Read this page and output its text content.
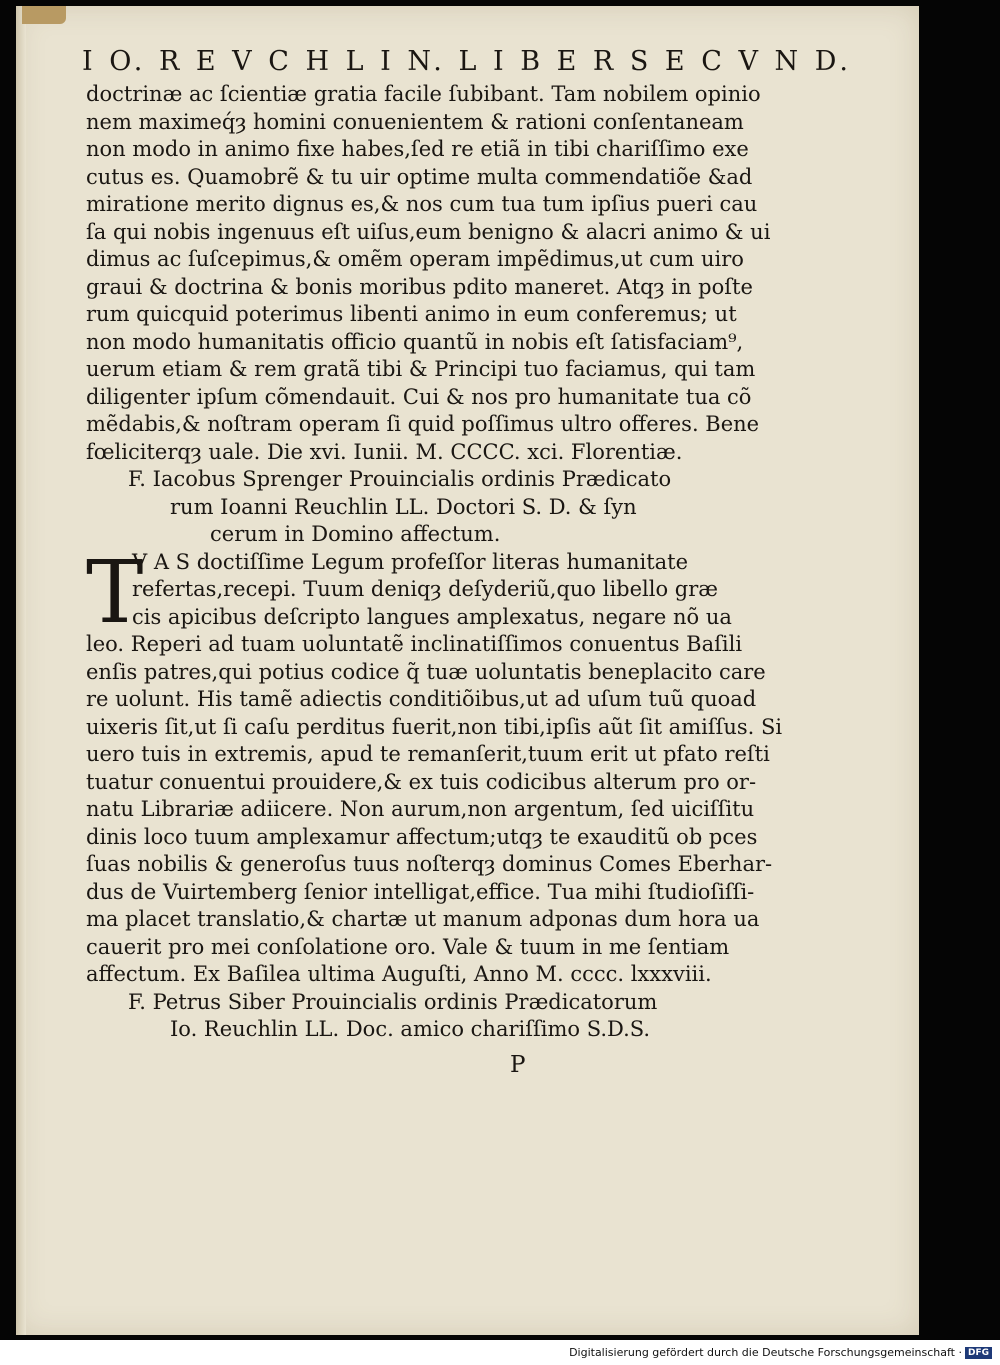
I O. R E V C H L I N. L I B E R S E C V N D.
doctrinæ ac ſcientiæ gratia facile ſubibant. Tam nobilem opinio
nem maximeq́ȝ homini conuenientem & rationi conſentaneam
non modo in animo fixe habes,ſed re etiã in tibi chariſſimo exe
cutus es. Quamobrẽ & tu uir optime multa commendatiõe &ad
miratione merito dignus es,& nos cum tua tum ipſius pueri cau
ſa qui nobis ingenuus eſt uiſus,eum benigno & alacri animo & ui
dimus ac ſuſcepimus,& omẽm operam impẽdimus,ut cum uiro
graui & doctrina & bonis moribus pdito maneret. Atqȝ in poſte
rum quicquid poterimus libenti animo in eum conferemus; ut
non modo humanitatis officio quantũ in nobis eſt ſatisfaciam⁹,
uerum etiam & rem gratã tibi & Principi tuo faciamus, qui tam
diligenter ipſum cõmendauit. Cui & nos pro humanitate tua cõ
mẽdabis,& noſtram operam ſi quid poſſimus ultro offeres. Bene
fœliciterqȝ uale. Die xvi. Iunii. M. CCCC. xci. Florentiæ.
F. Iacobus Sprenger Prouincialis ordinis Prædicato
rum Ioanni Reuchlin LL. Doctori S. D. & ſyn
cerum in Domino affectum.
T
V A S doctiſſime Legum profeſſor literas humanitate
refertas,recepi. Tuum deniqȝ deſyderiũ,quo libello græ
cis apicibus deſcripto langues amplexatus, negare nõ ua
leo. Reperi ad tuam uoluntatẽ inclinatiſſimos conuentus Baſili
enſis patres,qui potius codice q̃ tuæ uoluntatis beneplacito care
re uolunt. His tamẽ adiectis conditiõibus,ut ad uſum tuũ quoad
uixeris ſit,ut ſi caſu perditus fuerit,non tibi,ipſis aũt ſit amiſſus. Si
uero tuis in extremis, apud te remanſerit,tuum erit ut pfato reſti
tuatur conuentui prouidere,& ex tuis codicibus alterum pro or-
natu Librariæ adiicere. Non aurum,non argentum, ſed uiciſſitu
dinis loco tuum amplexamur affectum;utqȝ te exauditũ ob pces
ſuas nobilis & generoſus tuus noſterqȝ dominus Comes Eberhar-
dus de Vuirtemberg ſenior intelligat,effice. Tua mihi ſtudioſiſſi-
ma placet translatio,& chartæ ut manum adponas dum hora ua
cauerit pro mei conſolatione oro. Vale & tuum in me ſentiam
affectum. Ex Baſilea ultima Auguſti, Anno M. cccc. lxxxviii.
F. Petrus Siber Prouincialis ordinis Prædicatorum
Io. Reuchlin LL. Doc. amico chariſſimo S.D.S.
P
Digitalisierung gefördert durch die Deutsche Forschungsgemeinschaft · DFG
